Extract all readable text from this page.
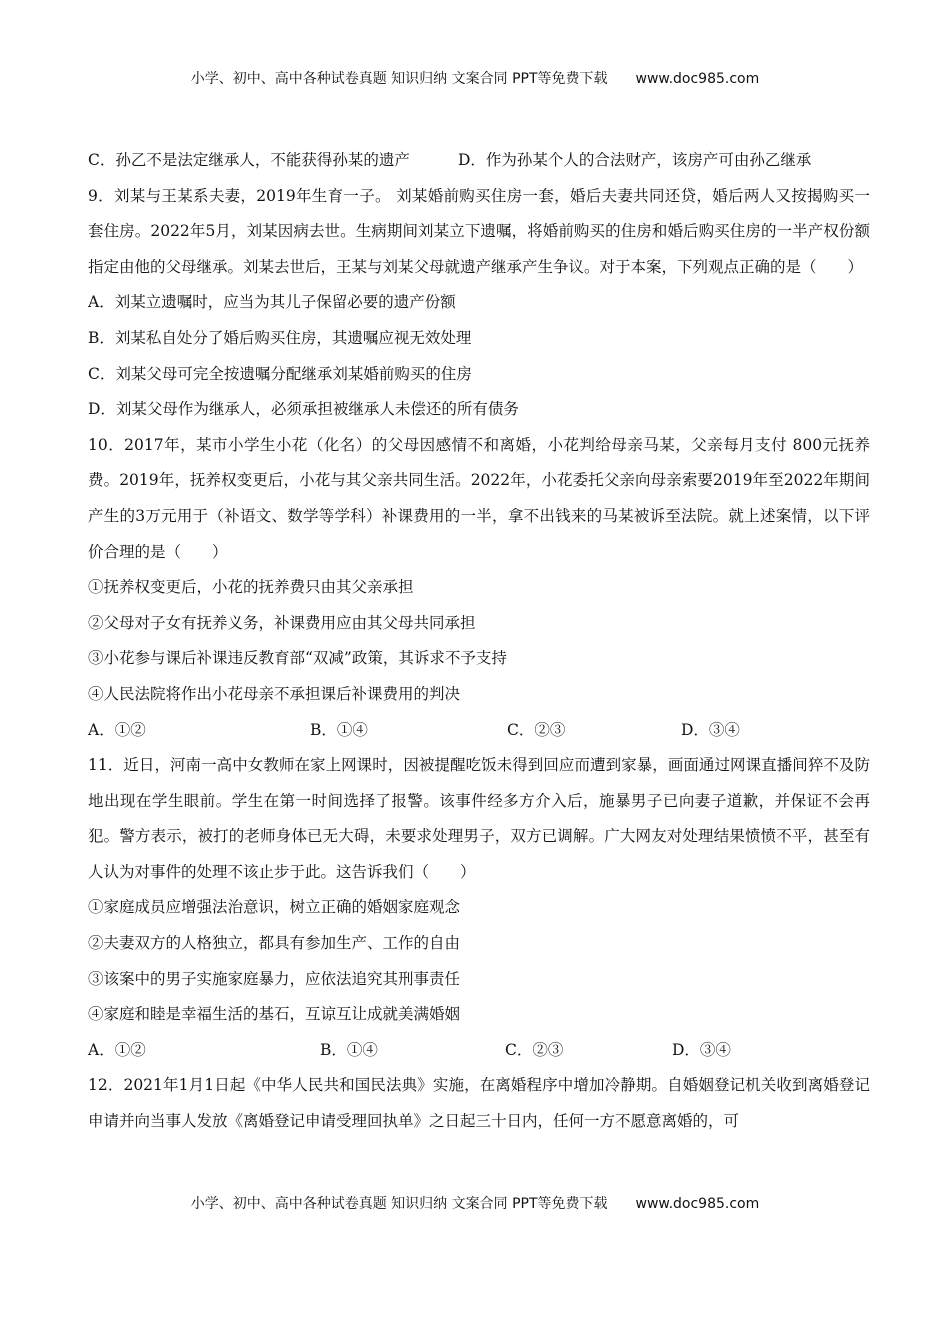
小学、初中、高中各种试卷真题 知识归纳 文案合同 PPT等免费下载 www.doc985.com
C．孙乙不是法定继承人，不能获得孙某的遗产	D．作为孙某个人的合法财产，该房产可由孙乙继承
9．刘某与王某系夫妻，2019年生育一子。 刘某婚前购买住房一套，婚后夫妻共同还贷，婚后两人又按揭购买一套住房。2022年5月，刘某因病去世。生病期间刘某立下遗嘱，将婚前购买的住房和婚后购买住房的一半产权份额指定由他的父母继承。刘某去世后，王某与刘某父母就遗产继承产生争议。对于本案，下列观点正确的是（　　）
A．刘某立遗嘱时，应当为其儿子保留必要的遗产份额
B．刘某私自处分了婚后购买住房，其遗嘱应视无效处理
C．刘某父母可完全按遗嘱分配继承刘某婚前购买的住房
D．刘某父母作为继承人，必须承担被继承人未偿还的所有债务
10．2017年，某市小学生小花（化名）的父母因感情不和离婚，小花判给母亲马某，父亲每月支付 800元抚养费。2019年，抚养权变更后，小花与其父亲共同生活。2022年，小花委托父亲向母亲索要2019年至2022年期间产生的3万元用于（补语文、数学等学科）补课费用的一半，拿不出钱来的马某被诉至法院。就上述案情，以下评价合理的是（　　）
①抚养权变更后，小花的抚养费只由其父亲承担
②父母对子女有抚养义务，补课费用应由其父母共同承担
③小花参与课后补课违反教育部“双减”政策，其诉求不予支持
④人民法院将作出小花母亲不承担课后补课费用的判决
A．①②	B．①④	C．②③	D．③④
11．近日，河南一高中女教师在家上网课时，因被提醒吃饭未得到回应而遭到家暴，画面通过网课直播间猝不及防地出现在学生眼前。学生在第一时间选择了报警。该事件经多方介入后，施暴男子已向妻子道歉，并保证不会再犯。警方表示，被打的老师身体已无大碍，未要求处理男子，双方已调解。广大网友对处理结果愤愤不平，甚至有人认为对事件的处理不该止步于此。这告诉我们（　　）
①家庭成员应增强法治意识，树立正确的婚姻家庭观念
②夫妻双方的人格独立，都具有参加生产、工作的自由
③该案中的男子实施家庭暴力，应依法追究其刑事责任
④家庭和睦是幸福生活的基石，互谅互让成就美满婚姻
A．①②	B．①④	C．②③	D．③④
12．2021年1月1日起《中华人民共和国民法典》实施，在离婚程序中增加冷静期。自婚姻登记机关收到离婚登记申请并向当事人发放《离婚登记申请受理回执单》之日起三十日内，任何一方不愿意离婚的，可
小学、初中、高中各种试卷真题 知识归纳 文案合同 PPT等免费下载 www.doc985.com
